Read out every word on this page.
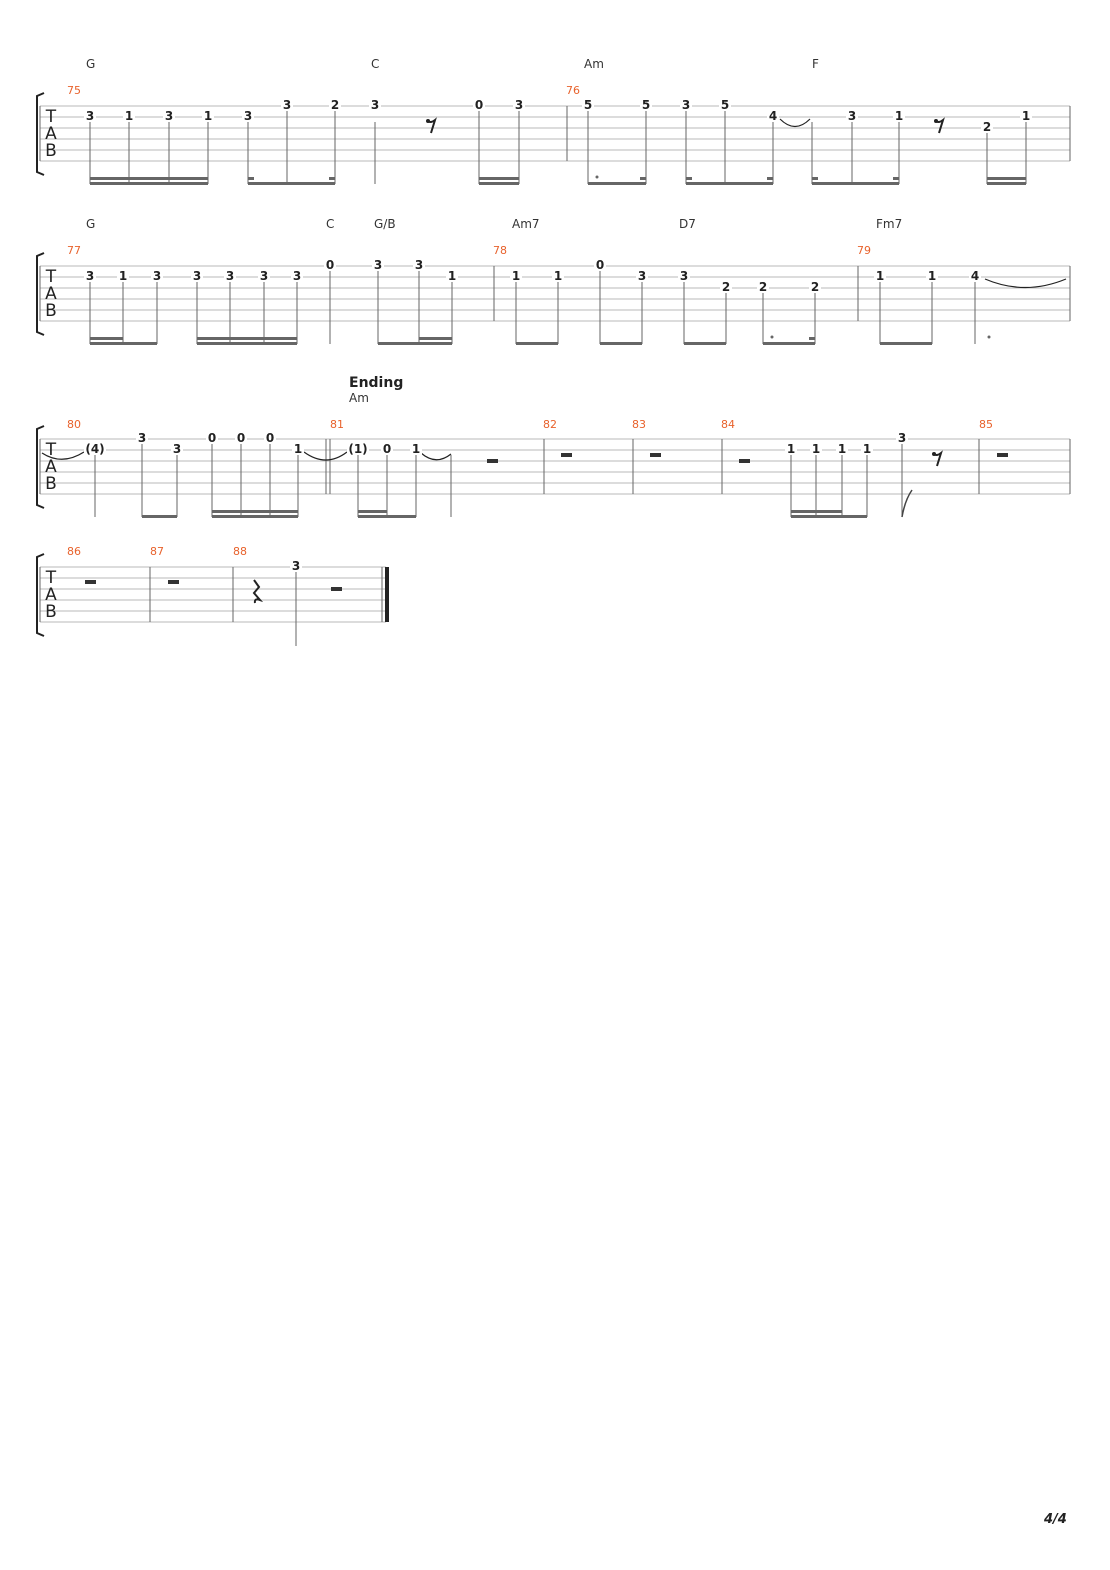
T
A
B
G	C	Am	F
75	76
3	1	3	1	3
3	2	3	0	3	5	5	3	5
4	3	1
2
1
T
A
B
G	C	G/B	Am7	D7	Fm7
77	78	79
3 1 3	3 3 3 3
0	3	3
1	1	1
0
3	3
2 2	2
1	1	4
Ending
Am
T
A
B
80	81	82	83	84	85
(4)
3
3
0 0 0
1	(1) 0 1	1 1 1 1
3
T
A
B
86	87	88
3
4/4
